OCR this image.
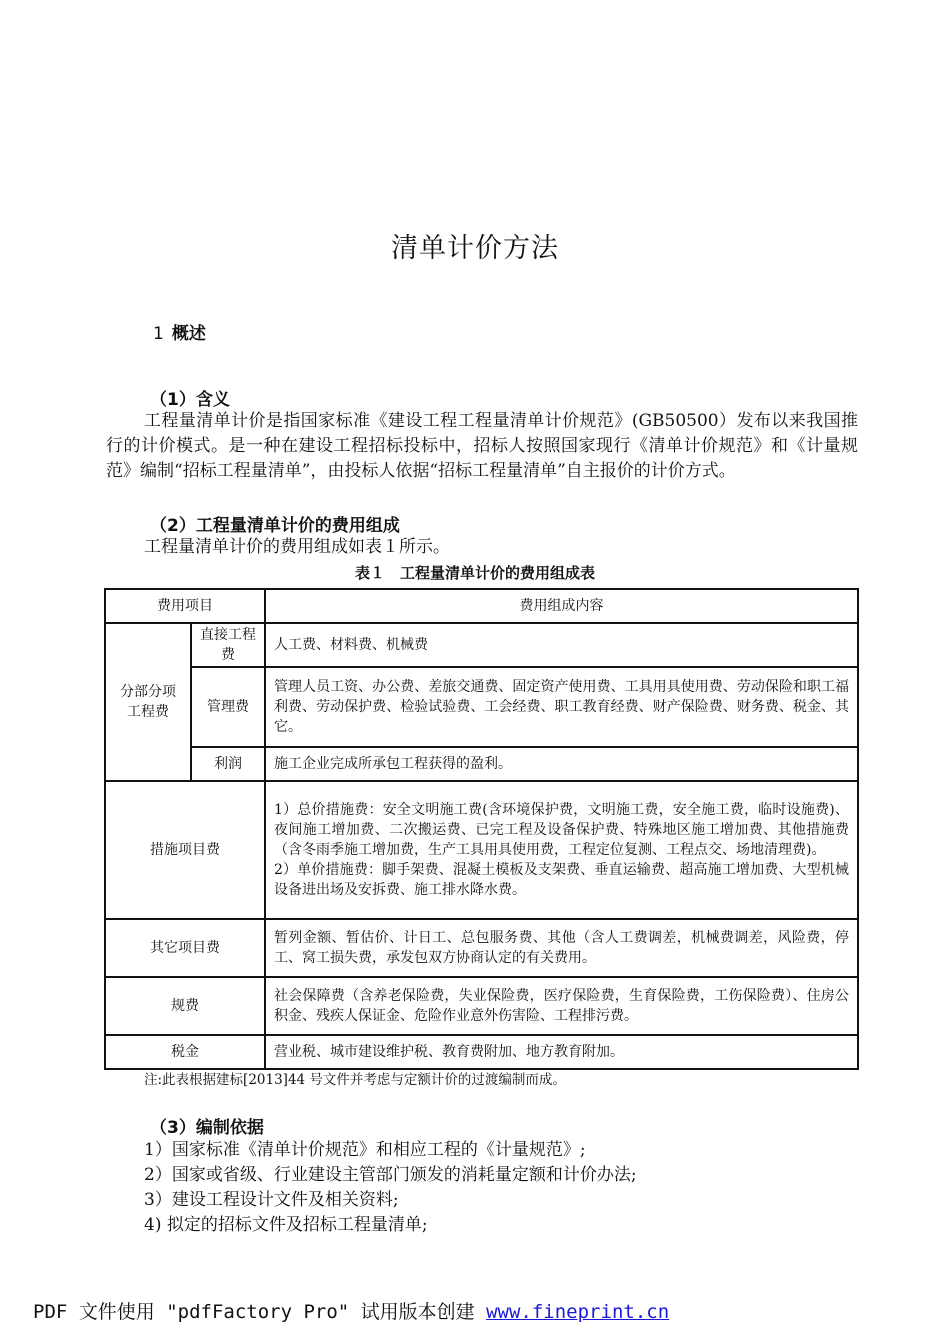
清单计价方法
1 概述
（1）含义
工程量清单计价是指国家标准《建设工程工程量清单计价规范》(GB50500）发布以来我国推行的计价模式。是一种在建设工程招标投标中，招标人按照国家现行《清单计价规范》和《计量规范》编制“招标工程量清单”，由投标人依据“招标工程量清单”自主报价的计价方式。
（2）工程量清单计价的费用组成
工程量清单计价的费用组成如表１所示。
表１　工程量清单计价的费用组成表
费用项目		费用组成内容
分部分项工程费	直接工程费	人工费、材料费、机械费
	管理费	管理人员工资、办公费、差旅交通费、固定资产使用费、工具用具使用费、劳动保险和职工福利费、劳动保护费、检验试验费、工会经费、职工教育经费、财产保险费、财务费、税金、其它。
	利润	施工企业完成所承包工程获得的盈利。
措施项目费		1）总价措施费：安全文明施工费(含环境保护费，文明施工费，安全施工费，临时设施费)、夜间施工增加费、二次搬运费、已完工程及设备保护费、特殊地区施工增加费、其他措施费（含冬雨季施工增加费，生产工具用具使用费，工程定位复测、工程点交、场地清理费)。
2）单价措施费：脚手架费、混凝土模板及支架费、垂直运输费、超高施工增加费、大型机械设备进出场及安拆费、施工排水降水费。

其它项目费		暂列金额、暂估价、计日工、总包服务费、其他（含人工费调差，机械费调差，风险费，停工、窝工损失费，承发包双方协商认定的有关费用。
规费		社会保障费（含养老保险费，失业保险费，医疗保险费，生育保险费，工伤保险费）、住房公积金、残疾人保证金、危险作业意外伤害险、工程排污费。
税金		营业税、城市建设维护税、教育费附加、地方教育附加。
注:此表根据建标[2013]44 号文件并考虑与定额计价的过渡编制而成。
（3）编制依据
1）国家标准《清单计价规范》和相应工程的《计量规范》;
2）国家或省级、行业建设主管部门颁发的消耗量定额和计价办法;
3）建设工程设计文件及相关资料;
4) 拟定的招标文件及招标工程量清单;
PDF 文件使用 "pdfFactory Pro" 试用版本创建 www.fineprint.cn
